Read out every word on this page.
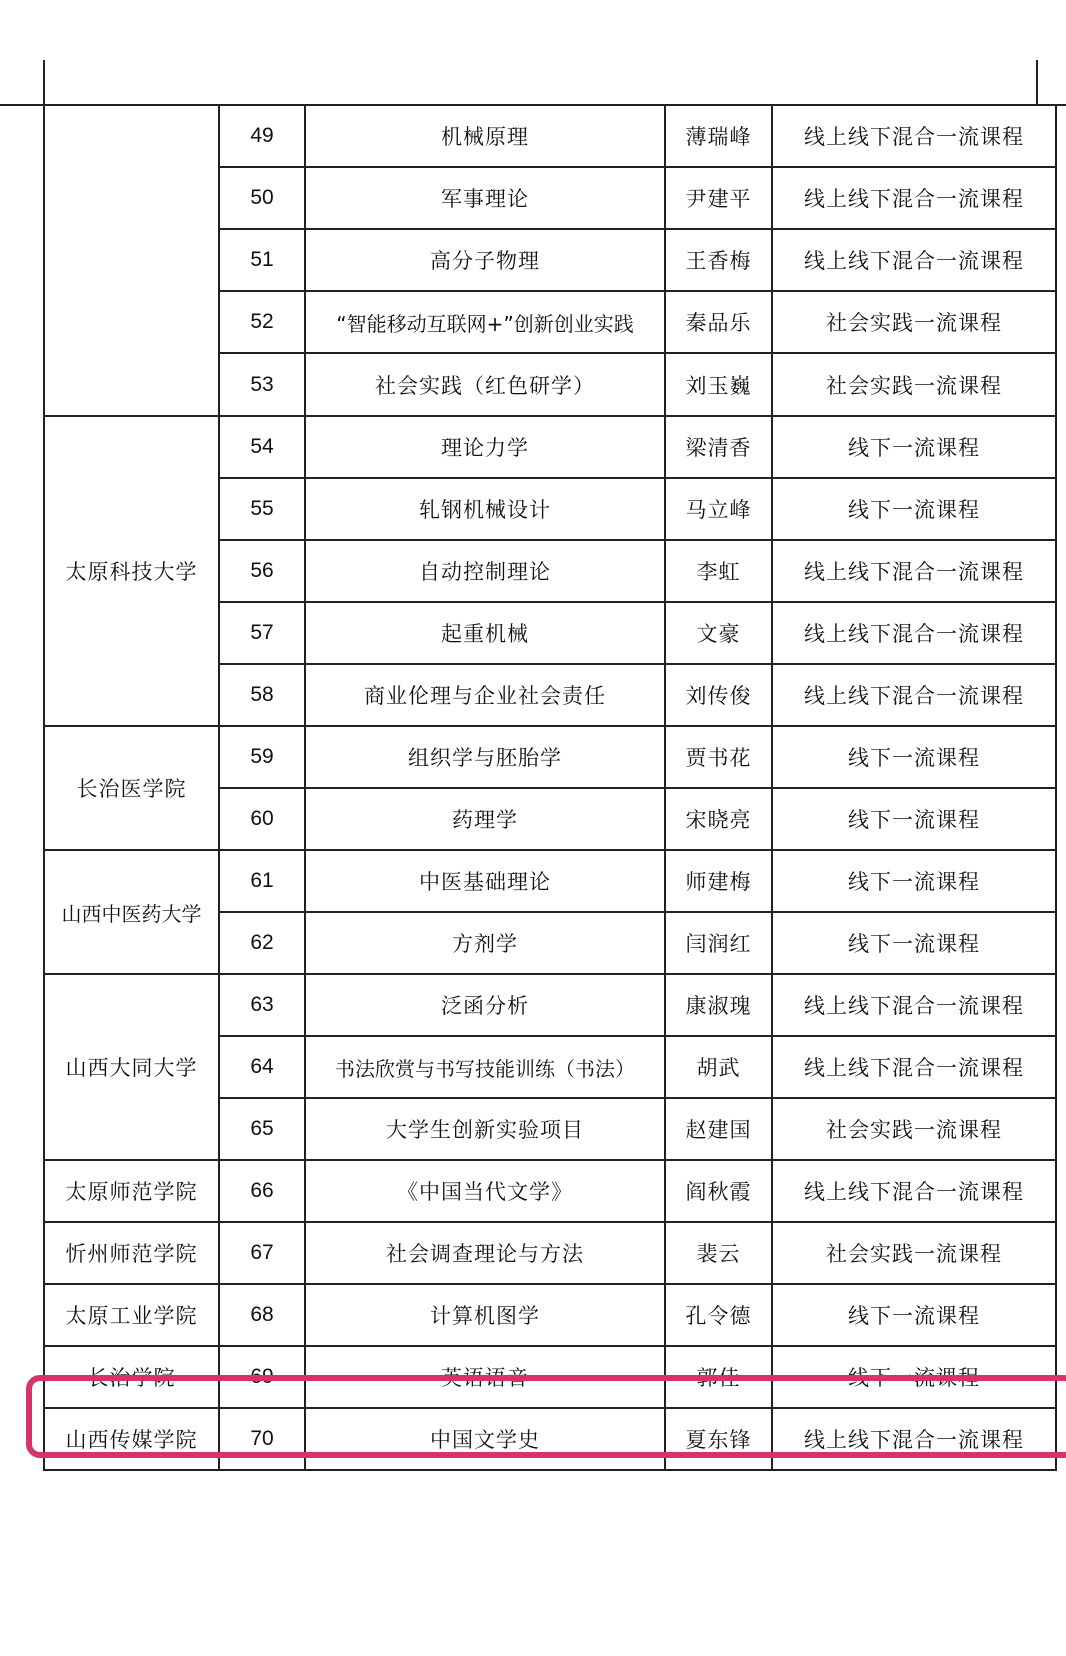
	49	机械原理	薄瑞峰	线上线下混合一流课程
	50	军事理论	尹建平	线上线下混合一流课程
	51	高分子物理	王香梅	线上线下混合一流课程
	52	“智能移动互联网+”创新创业实践	秦品乐	社会实践一流课程
	53	社会实践（红色研学）	刘玉巍	社会实践一流课程
太原科技大学	54	理论力学	梁清香	线下一流课程
	55	轧钢机械设计	马立峰	线下一流课程
	56	自动控制理论	李虹	线上线下混合一流课程
	57	起重机械	文豪	线上线下混合一流课程
	58	商业伦理与企业社会责任	刘传俊	线上线下混合一流课程
长治医学院	59	组织学与胚胎学	贾书花	线下一流课程
	60	药理学	宋晓亮	线下一流课程
山西中医药大学	61	中医基础理论	师建梅	线下一流课程
	62	方剂学	闫润红	线下一流课程
山西大同大学	63	泛函分析	康淑瑰	线上线下混合一流课程
	64	书法欣赏与书写技能训练（书法）	胡武	线上线下混合一流课程
	65	大学生创新实验项目	赵建国	社会实践一流课程
太原师范学院	66	《中国当代文学》	阎秋霞	线上线下混合一流课程
忻州师范学院	67	社会调查理论与方法	裴云	社会实践一流课程
太原工业学院	68	计算机图学	孔令德	线下一流课程
长治学院	69	英语语音	郭佳	线下一流课程
山西传媒学院	70	中国文学史	夏东锋	线上线下混合一流课程
